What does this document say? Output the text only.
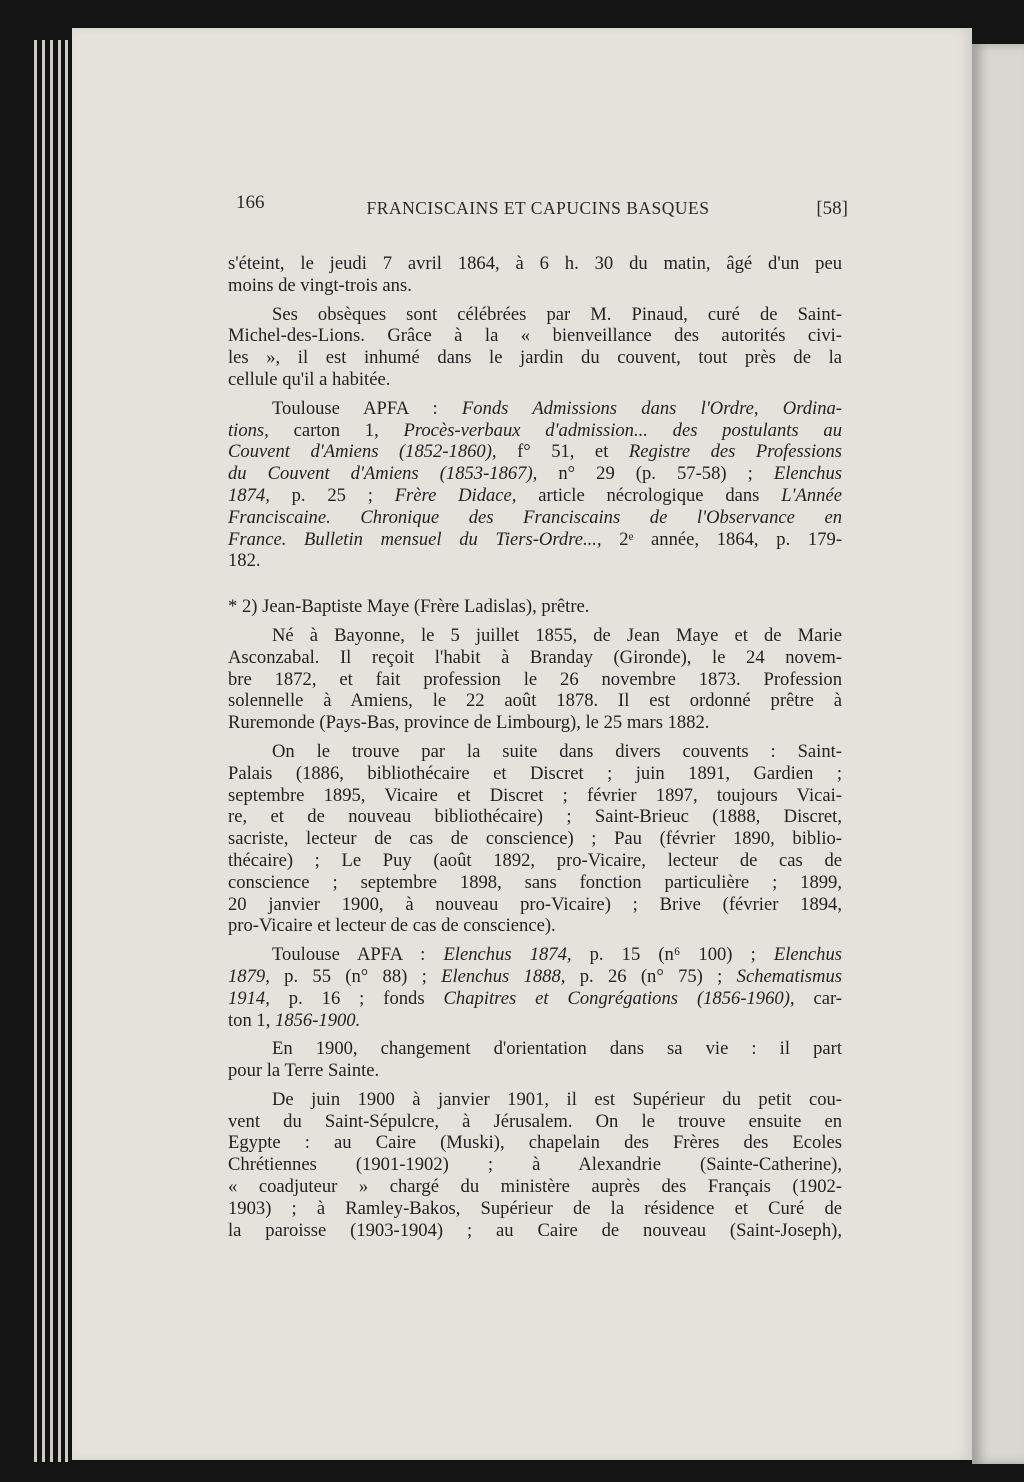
166	FRANCISCAINS ET CAPUCINS BASQUES	[58]
s'éteint, le jeudi 7 avril 1864, à 6 h. 30 du matin, âgé d'un peu
moins de vingt-trois ans.
Ses obsèques sont célébrées par M. Pinaud, curé de Saint-
Michel-des-Lions. Grâce à la « bienveillance des autorités civi-
les », il est inhumé dans le jardin du couvent, tout près de la
cellule qu'il a habitée.
Toulouse APFA : Fonds Admissions dans l'Ordre, Ordina-
tions, carton 1, Procès-verbaux d'admission... des postulants au
Couvent d'Amiens (1852-1860), f° 51, et Registre des Professions
du Couvent d'Amiens (1853-1867), n° 29 (p. 57-58) ; Elenchus
1874, p. 25 ; Frère Didace, article nécrologique dans L'Année
Franciscaine. Chronique des Franciscains de l'Observance en
France. Bulletin mensuel du Tiers-Ordre..., 2ᵉ année, 1864, p. 179-
182.
* 2) Jean-Baptiste Maye (Frère Ladislas), prêtre.
Né à Bayonne, le 5 juillet 1855, de Jean Maye et de Marie
Asconzabal. Il reçoit l'habit à Branday (Gironde), le 24 novem-
bre 1872, et fait profession le 26 novembre 1873. Profession
solennelle à Amiens, le 22 août 1878. Il est ordonné prêtre à
Ruremonde (Pays-Bas, province de Limbourg), le 25 mars 1882.
On le trouve par la suite dans divers couvents : Saint-
Palais (1886, bibliothécaire et Discret ; juin 1891, Gardien ;
septembre 1895, Vicaire et Discret ; février 1897, toujours Vicai-
re, et de nouveau bibliothécaire) ; Saint-Brieuc (1888, Discret,
sacriste, lecteur de cas de conscience) ; Pau (février 1890, biblio-
thécaire) ; Le Puy (août 1892, pro-Vicaire, lecteur de cas de
conscience ; septembre 1898, sans fonction particulière ; 1899,
20 janvier 1900, à nouveau pro-Vicaire) ; Brive (février 1894,
pro-Vicaire et lecteur de cas de conscience).
Toulouse APFA : Elenchus 1874, p. 15 (n⁶ 100) ; Elenchus
1879, p. 55 (n° 88) ; Elenchus 1888, p. 26 (n° 75) ; Schematismus
1914, p. 16 ; fonds Chapitres et Congrégations (1856-1960), car-
ton 1, 1856-1900.
En 1900, changement d'orientation dans sa vie : il part
pour la Terre Sainte.
De juin 1900 à janvier 1901, il est Supérieur du petit cou-
vent du Saint-Sépulcre, à Jérusalem. On le trouve ensuite en
Egypte : au Caire (Muski), chapelain des Frères des Ecoles
Chrétiennes (1901-1902) ; à Alexandrie (Sainte-Catherine),
« coadjuteur » chargé du ministère auprès des Français (1902-
1903) ; à Ramley-Bakos, Supérieur de la résidence et Curé de
la paroisse (1903-1904) ; au Caire de nouveau (Saint-Joseph),
